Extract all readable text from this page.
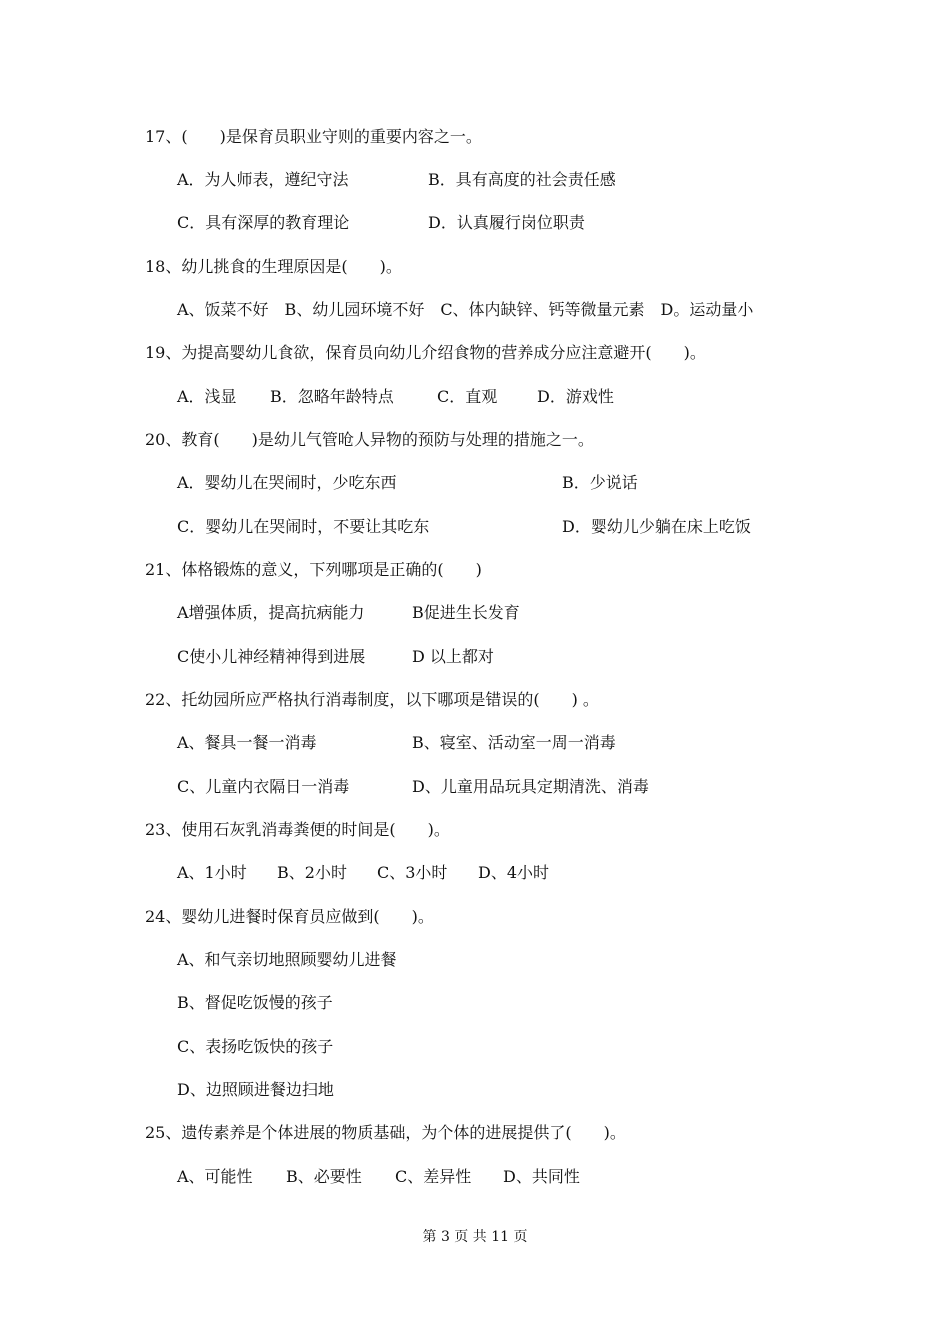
17、(　　)是保育员职业守则的重要内容之一。
A．为人师表，遵纪守法	B．具有高度的社会责任感
C．具有深厚的教育理论	D．认真履行岗位职责
18、幼儿挑食的生理原因是(　　)。
A、饭菜不好　B、幼儿园环境不好　C、体内缺锌、钙等微量元素　D。运动量小
19、为提高婴幼儿食欲，保育员向幼儿介绍食物的营养成分应注意避开(　　)。
A．浅显 B．忽略年龄特点	C．直观 D．游戏性
20、教育(　　)是幼儿气管呛人异物的预防与处理的措施之一。
A．婴幼儿在哭闹时，少吃东西	B．少说话
C．婴幼儿在哭闹时，不要让其吃东	D．婴幼儿少躺在床上吃饭
21、体格锻炼的意义，下列哪项是正确的(　　)
A增强体质，提高抗病能力	B促进生长发育
C使小儿神经精神得到进展	D 以上都对
22、托幼园所应严格执行消毒制度，以下哪项是错误的(　　) 。
A、餐具一餐一消毒	B、寝室、活动室一周一消毒
C、儿童内衣隔日一消毒	D、儿童用品玩具定期清洗、消毒
23、使用石灰乳消毒粪便的时间是(　　)。
A、1小时 B、2小时 C、3小时 D、4小时
24、婴幼儿进餐时保育员应做到(　　)。
A、和气亲切地照顾婴幼儿进餐
B、督促吃饭慢的孩子
C、表扬吃饭快的孩子
D、边照顾进餐边扫地
25、遗传素养是个体进展的物质基础，为个体的进展提供了(　　)。
A、可能性 B、必要性 C、差异性 D、共同性
第 3 页 共 11 页
